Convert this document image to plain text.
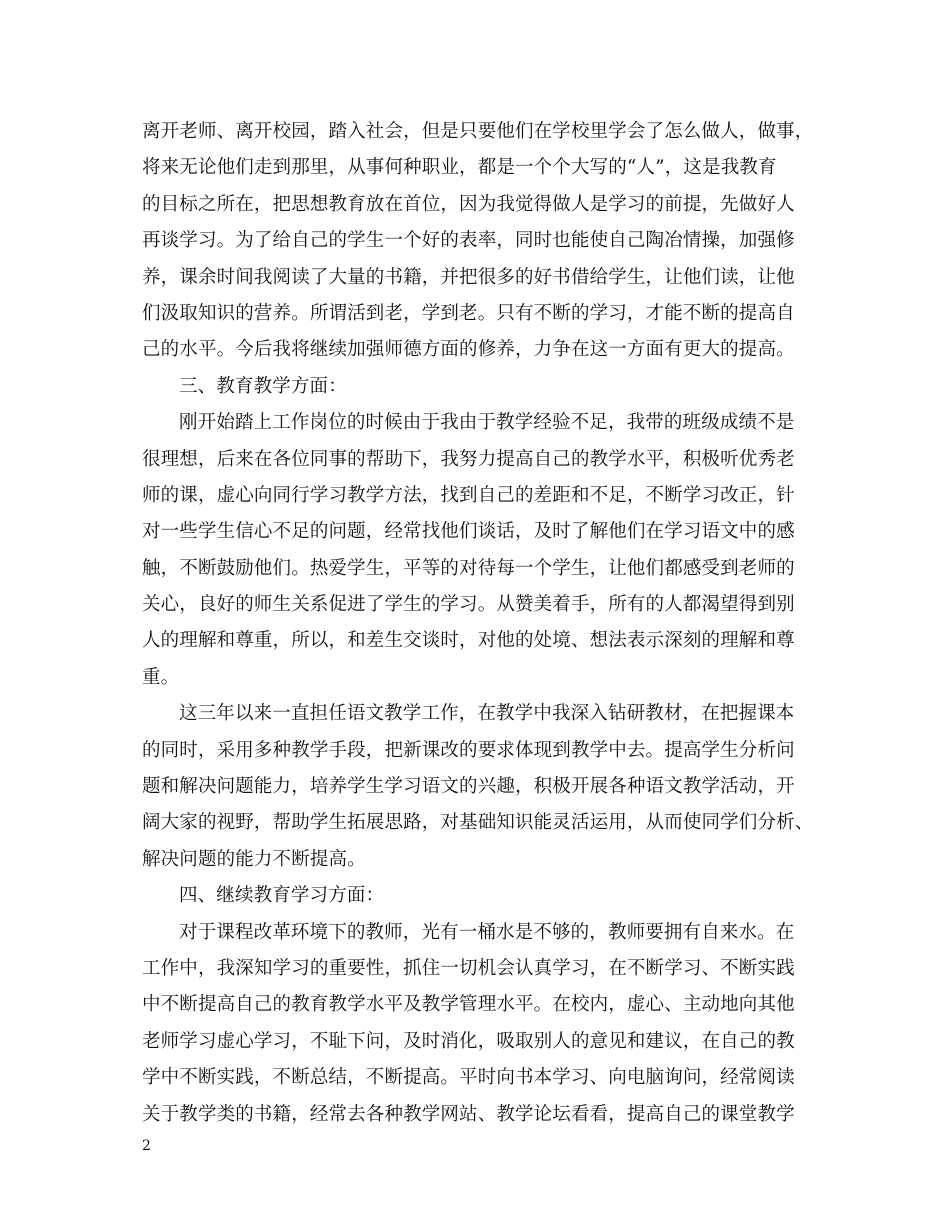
离开老师、离开校园，踏入社会，但是只要他们在学校里学会了怎么做人，做事，
将来无论他们走到那里，从事何种职业，都是一个个大写的“人”，这是我教育
的目标之所在，把思想教育放在首位，因为我觉得做人是学习的前提，先做好人
再谈学习。为了给自己的学生一个好的表率，同时也能使自己陶冶情操，加强修
养，课余时间我阅读了大量的书籍，并把很多的好书借给学生，让他们读，让他
们汲取知识的营养。所谓活到老，学到老。只有不断的学习，才能不断的提高自
己的水平。今后我将继续加强师德方面的修养，力争在这一方面有更大的提高。
三、教育教学方面：
刚开始踏上工作岗位的时候由于我由于教学经验不足，我带的班级成绩不是
很理想，后来在各位同事的帮助下，我努力提高自己的教学水平，积极听优秀老
师的课，虚心向同行学习教学方法，找到自己的差距和不足，不断学习改正，针
对一些学生信心不足的问题，经常找他们谈话，及时了解他们在学习语文中的感
触，不断鼓励他们。热爱学生，平等的对待每一个学生，让他们都感受到老师的
关心，良好的师生关系促进了学生的学习。从赞美着手，所有的人都渴望得到别
人的理解和尊重，所以，和差生交谈时，对他的处境、想法表示深刻的理解和尊
重。
这三年以来一直担任语文教学工作，在教学中我深入钻研教材，在把握课本
的同时，采用多种教学手段，把新课改的要求体现到教学中去。提高学生分析问
题和解决问题能力，培养学生学习语文的兴趣，积极开展各种语文教学活动，开
阔大家的视野，帮助学生拓展思路，对基础知识能灵活运用，从而使同学们分析、
解决问题的能力不断提高。
四、继续教育学习方面：
对于课程改革环境下的教师，光有一桶水是不够的，教师要拥有自来水。在
工作中，我深知学习的重要性，抓住一切机会认真学习，在不断学习、不断实践
中不断提高自己的教育教学水平及教学管理水平。在校内，虚心、主动地向其他
老师学习虚心学习，不耻下问，及时消化，吸取别人的意见和建议，在自己的教
学中不断实践，不断总结，不断提高。平时向书本学习、向电脑询问，经常阅读
关于教学类的书籍，经常去各种教学网站、教学论坛看看，提高自己的课堂教学
2
